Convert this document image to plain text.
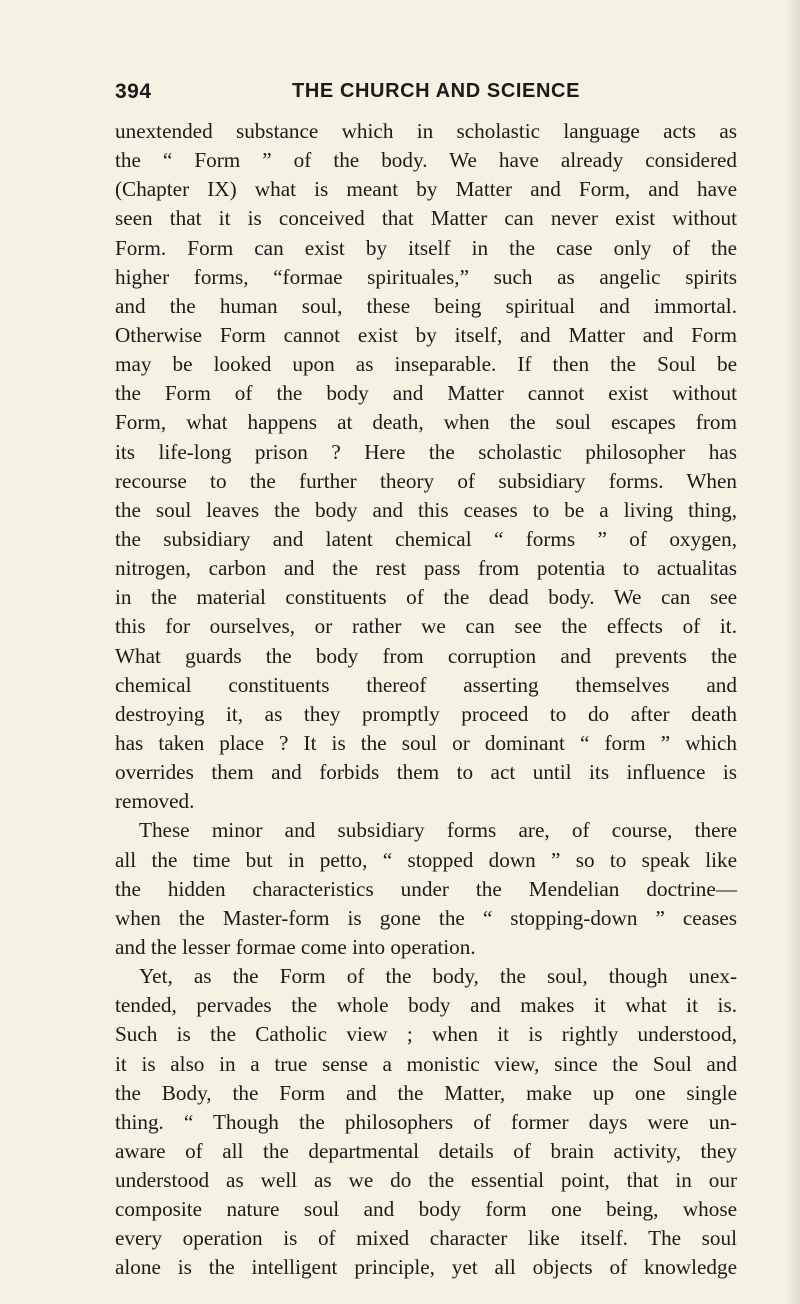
394	THE CHURCH AND SCIENCE
unextended substance which in scholastic language acts as
the “ Form ” of the body. We have already considered
(Chapter IX) what is meant by Matter and Form, and have
seen that it is conceived that Matter can never exist without
Form. Form can exist by itself in the case only of the
higher forms, “formae spirituales,” such as angelic spirits
and the human soul, these being spiritual and immortal.
Otherwise Form cannot exist by itself, and Matter and Form
may be looked upon as inseparable. If then the Soul be
the Form of the body and Matter cannot exist without
Form, what happens at death, when the soul escapes from
its life-long prison ? Here the scholastic philosopher has
recourse to the further theory of subsidiary forms. When
the soul leaves the body and this ceases to be a living thing,
the subsidiary and latent chemical “ forms ” of oxygen,
nitrogen, carbon and the rest pass from potentia to actualitas
in the material constituents of the dead body. We can see
this for ourselves, or rather we can see the effects of it.
What guards the body from corruption and prevents the
chemical constituents thereof asserting themselves and
destroying it, as they promptly proceed to do after death
has taken place ? It is the soul or dominant “ form ” which
overrides them and forbids them to act until its influence is
removed.
These minor and subsidiary forms are, of course, there
all the time but in petto, “ stopped down ” so to speak like
the hidden characteristics under the Mendelian doctrine—
when the Master-form is gone the “ stopping-down ” ceases
and the lesser formae come into operation.
Yet, as the Form of the body, the soul, though unex-
tended, pervades the whole body and makes it what it is.
Such is the Catholic view ; when it is rightly understood,
it is also in a true sense a monistic view, since the Soul and
the Body, the Form and the Matter, make up one single
thing. “ Though the philosophers of former days were un-
aware of all the departmental details of brain activity, they
understood as well as we do the essential point, that in our
composite nature soul and body form one being, whose
every operation is of mixed character like itself. The soul
alone is the intelligent principle, yet all objects of knowledge
